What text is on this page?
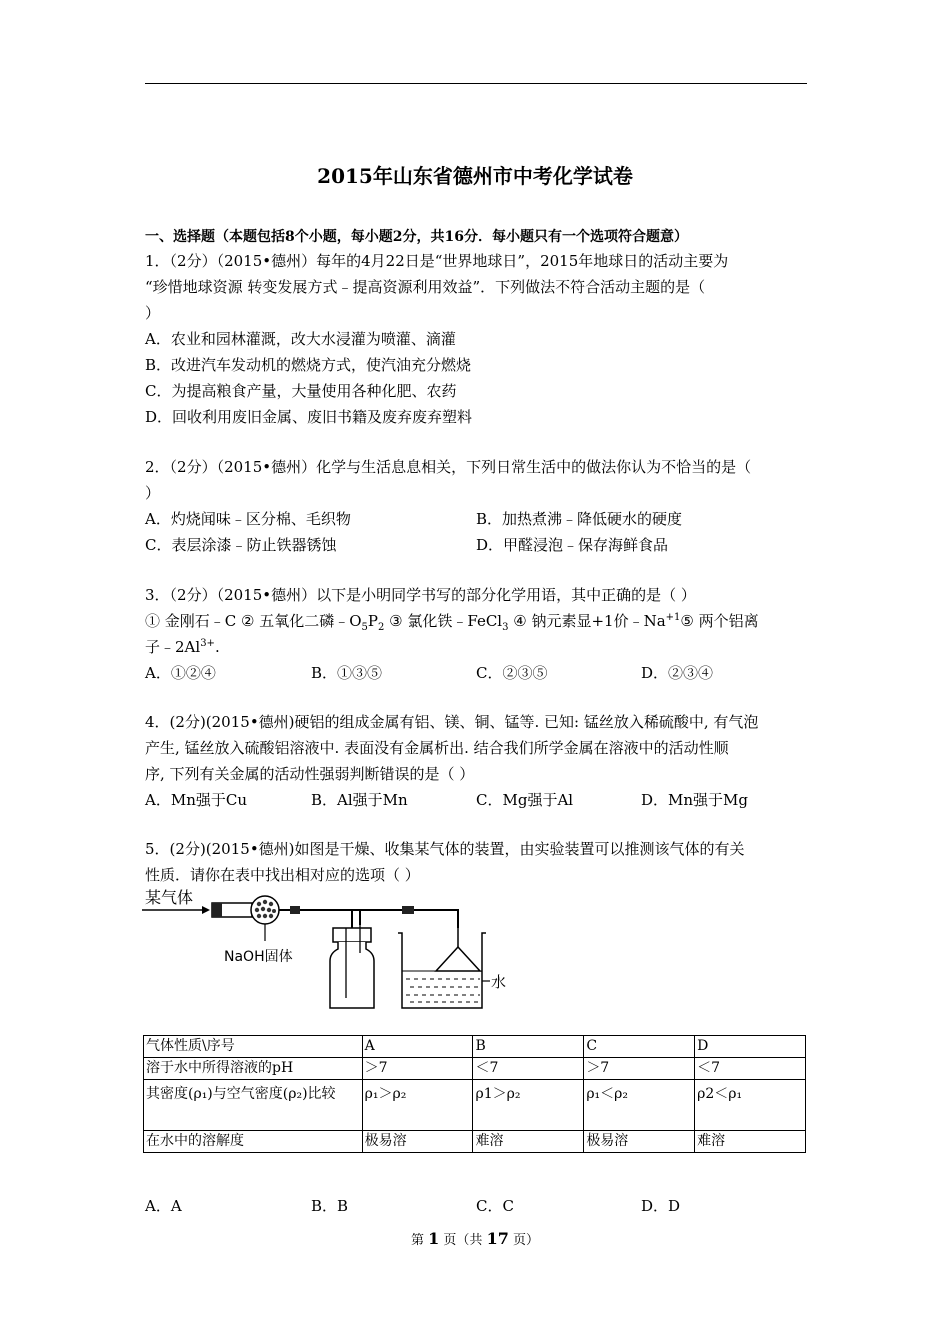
2015年山东省德州市中考化学试卷
一、选择题（本题包括8个小题，每小题2分，共16分．每小题只有一个选项符合题意）
1．（2分）（2015•德州）每年的4月22日是“世界地球日”，2015年地球日的活动主要为
“珍惜地球资源 转变发展方式﹣提高资源利用效益”．下列做法不符合活动主题的是（
）
A．农业和园林灌溉，改大水浸灌为喷灌、滴灌
B．改进汽车发动机的燃烧方式，使汽油充分燃烧
C．为提高粮食产量，大量使用各种化肥、农药
D．回收利用废旧金属、废旧书籍及废弃废弃塑料
2．（2分）（2015•德州）化学与生活息息相关，下列日常生活中的做法你认为不恰当的是（
）
A．灼烧闻味﹣区分棉、毛织物	B．加热煮沸﹣降低硬水的硬度
C．表层涂漆﹣防止铁器锈蚀	D．甲醛浸泡﹣保存海鲜食品
3．（2分）（2015•德州）以下是小明同学书写的部分化学用语，其中正确的是（ ）
① 金刚石﹣C ② 五氧化二磷$﹣O_5P_2$ ③ 氯化铁﹣FeCl$_3$ ④ 钠元素显+1价$﹣Na^{+1}⑤$ 两个铝离
子$﹣2Al^{3+}$.
A．①②④	B．①③⑤	C．②③⑤	D．②③④
4．(2分)(2015•德州)硬铝的组成金属有铝、镁、铜、锰等. 已知: 锰丝放入稀硫酸中, 有气泡
产生, 锰丝放入硫酸铝溶液中. 表面没有金属析出. 结合我们所学金属在溶液中的活动性顺
序, 下列有关金属的活动性强弱判断错误的是（ ）
A．Mn强于Cu	B．Al强于Mn	C．Mg强于Al	D．Mn强于Mg
5．(2分)(2015•德州)如图是干燥、收集某气体的装置，由实验装置可以推测该气体的有关
性质．请你在表中找出相对应的选项（ ）
某气体
NaOH固体
水
气体性质\序号	A	B	C	D
溶于水中所得溶液的pH	＞7	＜7	＞7	＜7
其密度(ρ₁)与空气密度(ρ₂)比较	ρ₁＞ρ₂	ρ1＞ρ₂	ρ₁＜ρ₂	ρ2＜ρ₁
在水中的溶解度	极易溶	难溶	极易溶	难溶
A．A	B．B	C．C	D．D
第 1 页（共 17 页）
